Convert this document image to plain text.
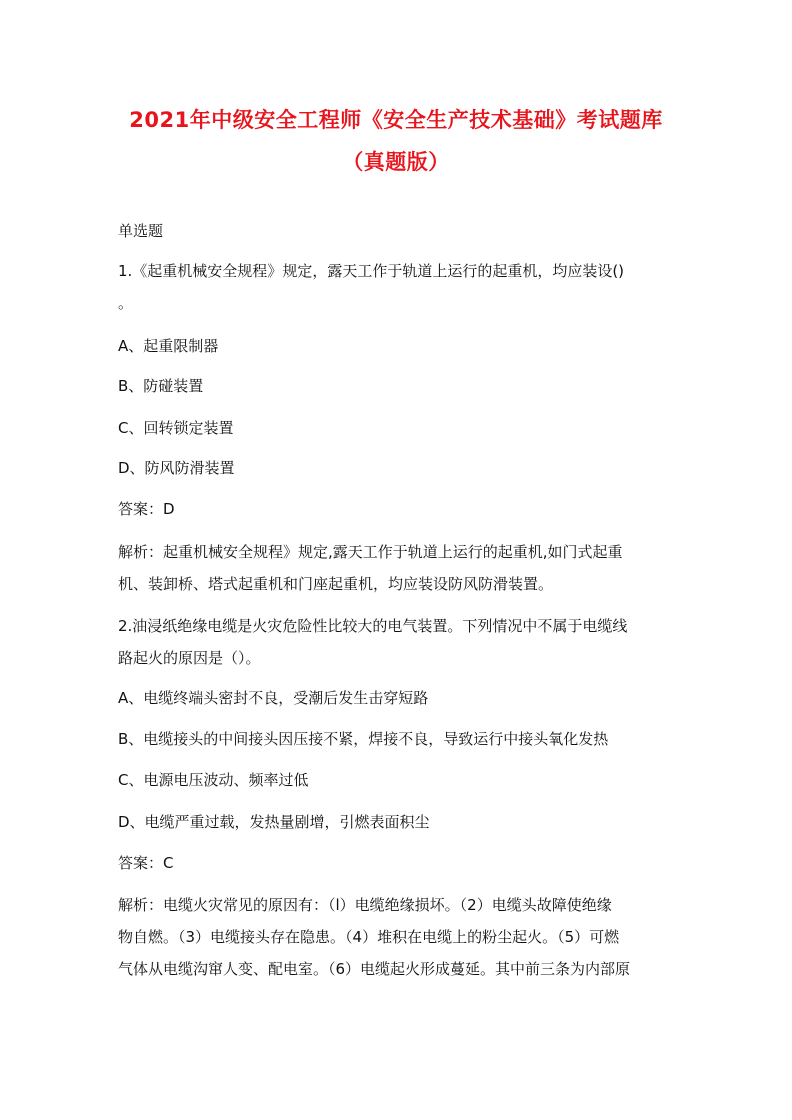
2021年中级安全工程师《安全生产技术基础》考试题库
（真题版）
单选题
1.《起重机械安全规程》规定，露天工作于轨道上运行的起重机，均应装设()
。
A、起重限制器
B、防碰装置
C、回转锁定装置
D、防风防滑装置
答案：D
解析：起重机械安全规程》规定,露天工作于轨道上运行的起重机,如门式起重
机、装卸桥、塔式起重机和门座起重机，均应装设防风防滑装置。
2.油浸纸绝缘电缆是火灾危险性比较大的电气装置。下列情况中不属于电缆线
路起火的原因是（）。
A、电缆终端头密封不良，受潮后发生击穿短路
B、电缆接头的中间接头因压接不紧，焊接不良，导致运行中接头氧化发热
C、电源电压波动、频率过低
D、电缆严重过载，发热量剧增，引燃表面积尘
答案：C
解析：电缆火灾常见的原因有：（l）电缆绝缘损坏。（2）电缆头故障使绝缘
物自燃。（3）电缆接头存在隐患。（4）堆积在电缆上的粉尘起火。（5）可燃
气体从电缆沟窜人变、配电室。（6）电缆起火形成蔓延。其中前三条为内部原
